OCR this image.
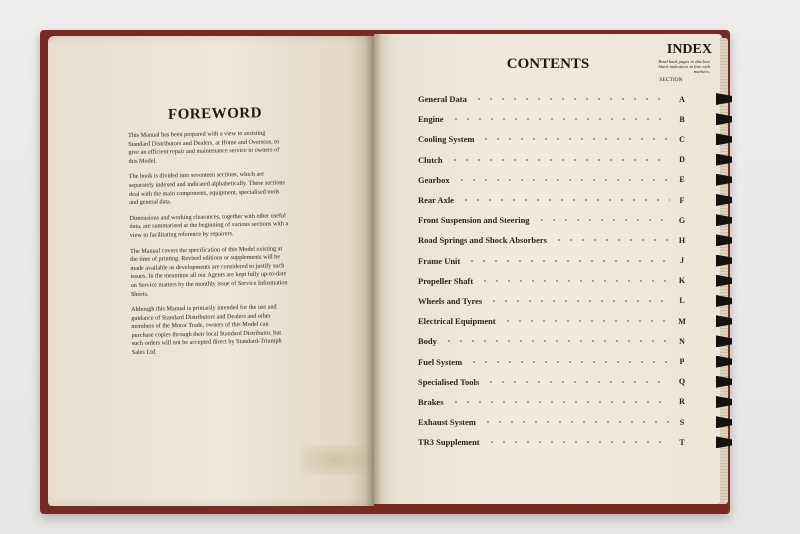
FOREWORD

This Manual has been prepared with a view to assisting Standard Distributors and Dealers, at Home and Overseas, to give an efficient repair and maintenance service to owners of this Model.

The book is divided into seventeen sections, which are separately indexed and indicated alphabetically. These sections deal with the main components, equipment, specialised tools and general data.

Dimensions and working clearances, together with other useful data, are summarised at the beginning of various sections with a view to facilitating reference by repairers.

The Manual covers the specification of this Model existing at the time of printing. Revised editions or supplements will be made available as developments are considered to justify such issues. In the meantime all our Agents are kept fully up-to-date on Service matters by the monthly issue of Service Information Sheets.

Although this Manual is primarily intended for the use and guidance of Standard Distributors and Dealers and other members of the Motor Trade, owners of this Model can purchase copies through their local Standard Distributor, but such orders will not be accepted direct by Standard-Triumph Sales Ltd.

CONTENTS
INDEX
Bend back pages to disclose black indicators in line with markers.
SECTION
General Data	A
Engine	B
Cooling System	C
Clutch	D
Gearbox	E
Rear Axle	F
Front Suspension and Steering	G
Road Springs and Shock Absorbers	H
Frame Unit	J
Propeller Shaft	K
Wheels and Tyres	L
Electrical Equipment	M
Body	N
Fuel System	P
Specialised Tools	Q
Brakes	R
Exhaust System	S
TR3 Supplement	T
